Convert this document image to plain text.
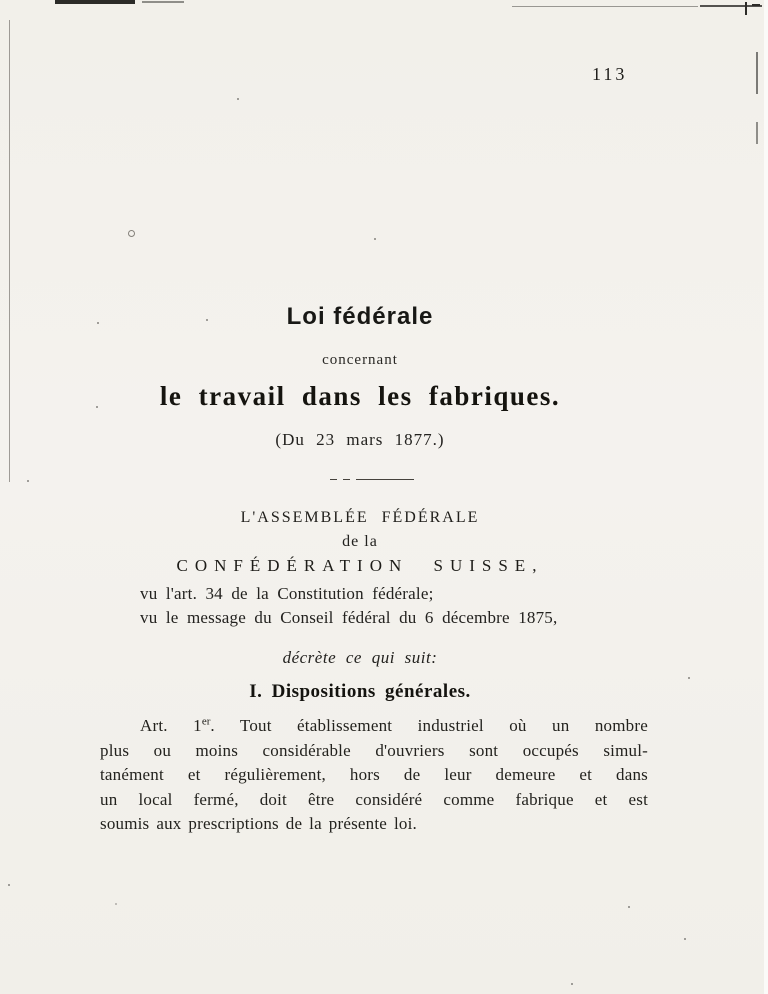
113
Loi fédérale
concernant
le travail dans les fabriques.
(Du 23 mars 1877.)
L'ASSEMBLÉE FÉDÉRALE
de la
CONFÉDÉRATION SUISSE,
vu l'art. 34 de la Constitution fédérale;
vu le message du Conseil fédéral du 6 décembre 1875,
décrète ce qui suit:
I. Dispositions générales.
Art. 1er. Tout établissement industriel où un nombre
plus ou moins considérable d'ouvriers sont occupés simul-
tanément et régulièrement, hors de leur demeure et dans
un local fermé, doit être considéré comme fabrique et est
soumis aux prescriptions de la présente loi.
